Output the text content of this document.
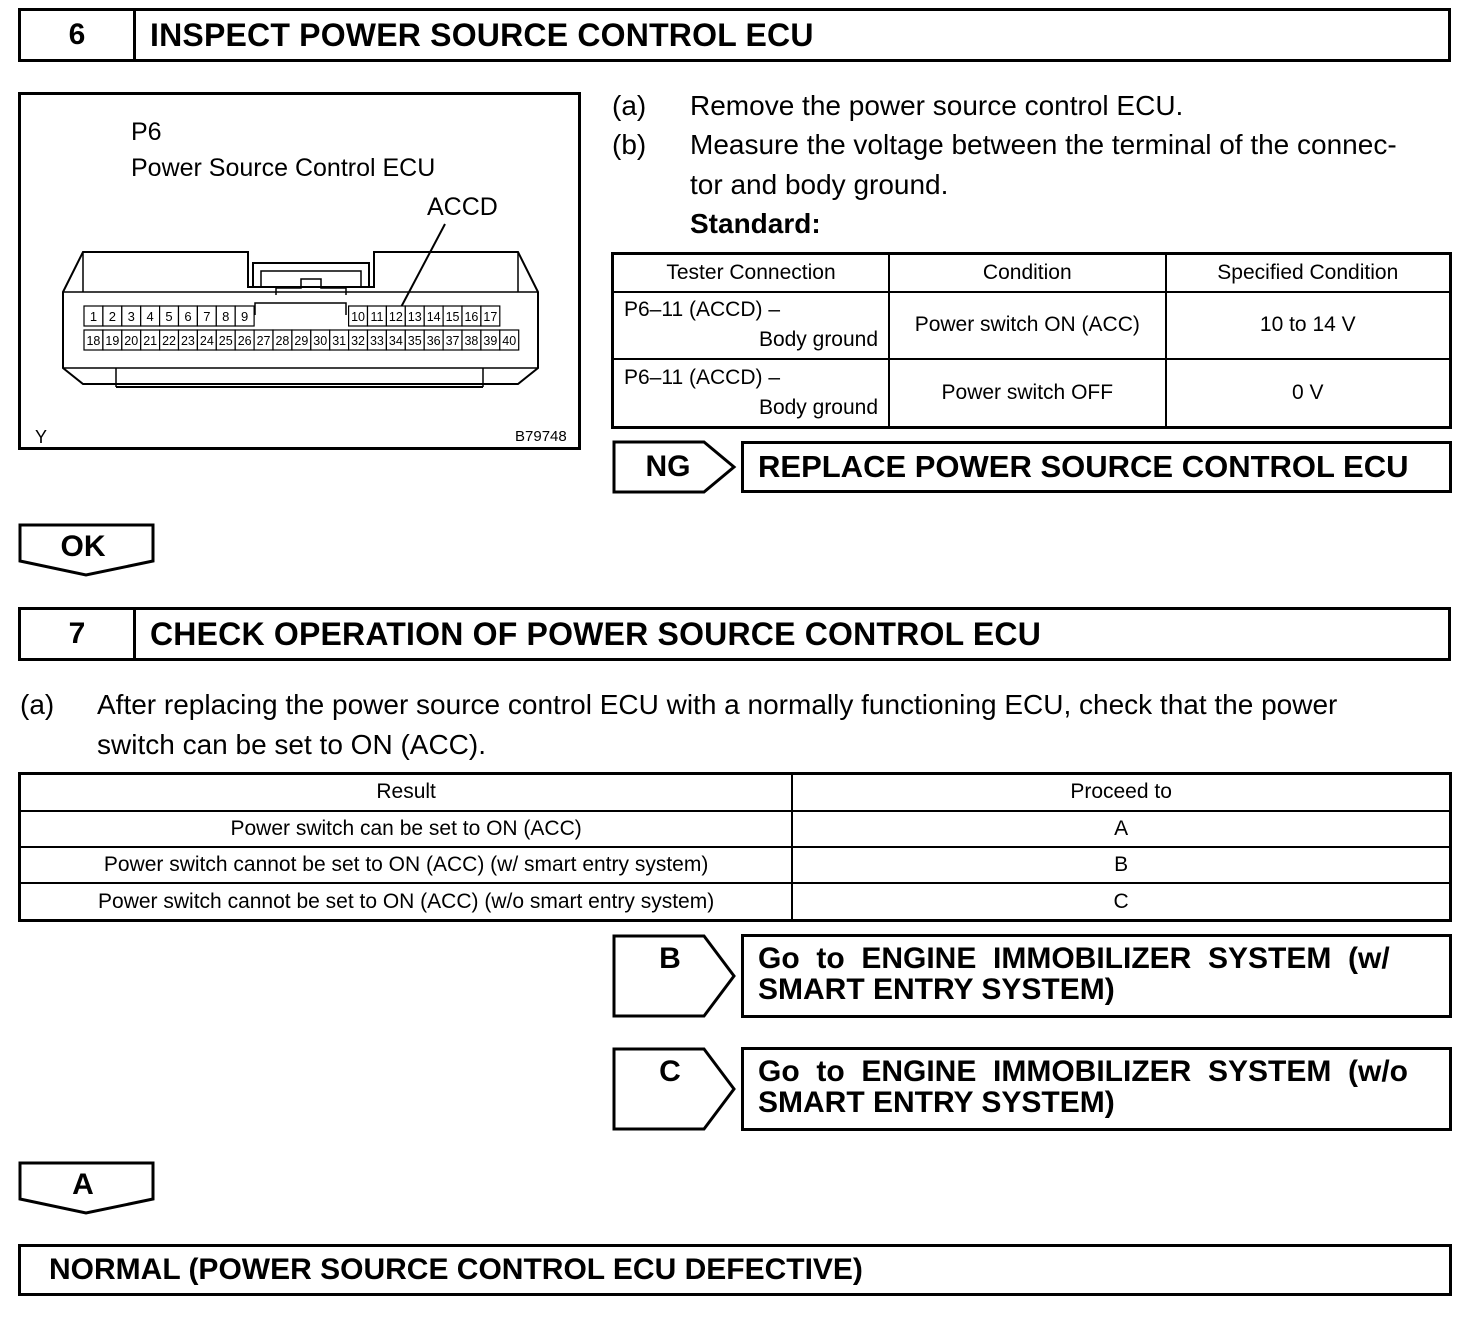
6	INSPECT POWER SOURCE CONTROL ECU
P6
Power Source Control ECU
ACCD
1 2 3 4 5 6 7 8 9	10 11 12 13 14 15 16 17
18 19 20 21 22 23 24 25 26 27 28 29 30 31 32 33 34 35 36 37 38 39 40
Y	B79748
(a) Remove the power source control ECU.
(b) Measure the voltage between the terminal of the connec-
tor and body ground.
Standard:
Tester Connection	Condition	Specified Condition

P6–11 (ACCD) –
Body ground	Power switch ON (ACC)	10 to 14 V

P6–11 (ACCD) –
Body ground	Power switch OFF	0 V
NG	REPLACE POWER SOURCE CONTROL ECU
OK
7	CHECK OPERATION OF POWER SOURCE CONTROL ECU
(a) After replacing the power source control ECU with a normally functioning ECU, check that the power
switch can be set to ON (ACC).
Result	Proceed to
Power switch can be set to ON (ACC)	A
Power switch cannot be set to ON (ACC) (w/ smart entry system)	B
Power switch cannot be set to ON (ACC) (w/o smart entry system)	C
B	Go  to  ENGINE  IMMOBILIZER  SYSTEM  (w/
SMART ENTRY SYSTEM)
C	Go  to  ENGINE  IMMOBILIZER  SYSTEM  (w/o
SMART ENTRY SYSTEM)
A
NORMAL (POWER SOURCE CONTROL ECU DEFECTIVE)
